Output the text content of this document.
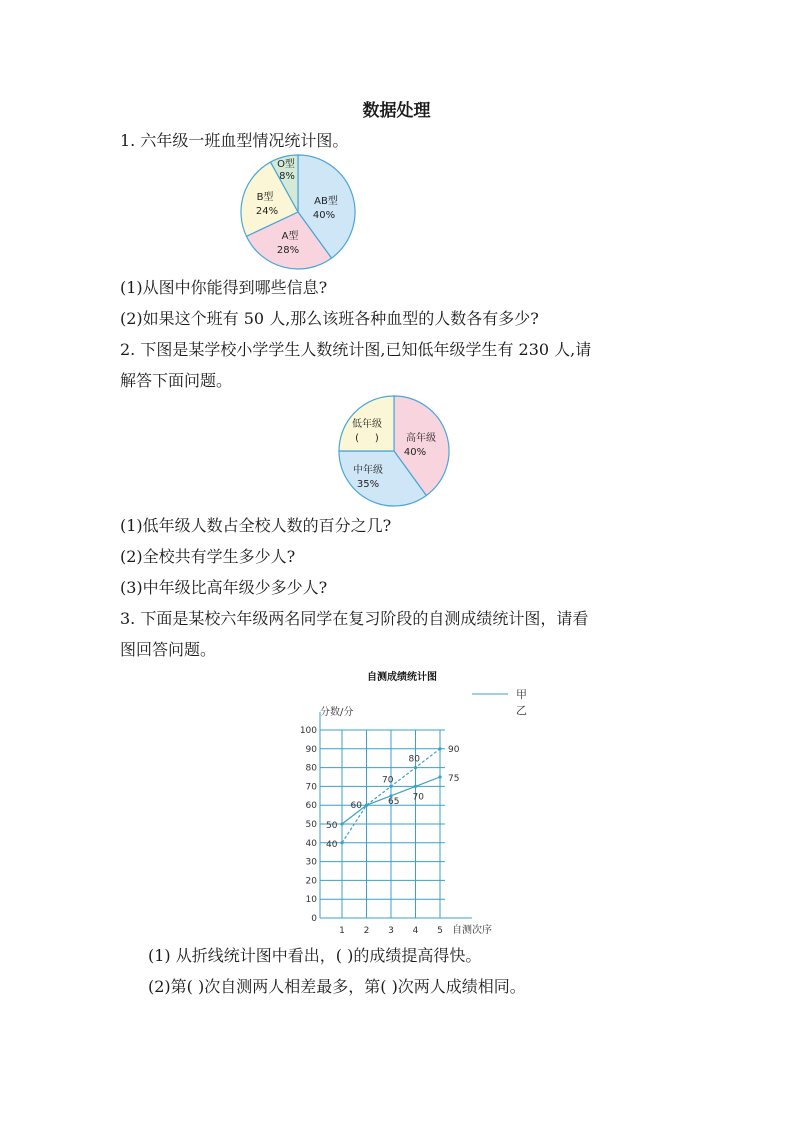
数据处理
1. 六年级一班血型情况统计图。
AB型
40%
A型
28%
B型
24%
O型
8%
(1)从图中你能得到哪些信息?
(2)如果这个班有 50 人,那么该班各种血型的人数各有多少?
2. 下图是某学校小学学生人数统计图,已知低年级学生有 230 人,请
解答下面问题。
高年级
40%
中年级
35%
低年级
(     )
(1)低年级人数占全校人数的百分之几?
(2)全校共有学生多少人?
(3)中年级比高年级少多少人?
3. 下面是某校六年级两名同学在复习阶段的自测成绩统计图，请看
图回答问题。
自测成绩统计图
甲
乙
分数/分
自测次序
0
10
20
30
40
50
60
70
80
90
100
1 2 3 4 5
50
60	65 70
75
40
70
80
90
(1) 从折线统计图中看出，( )的成绩提高得快。
(2)第( )次自测两人相差最多，第( )次两人成绩相同。
